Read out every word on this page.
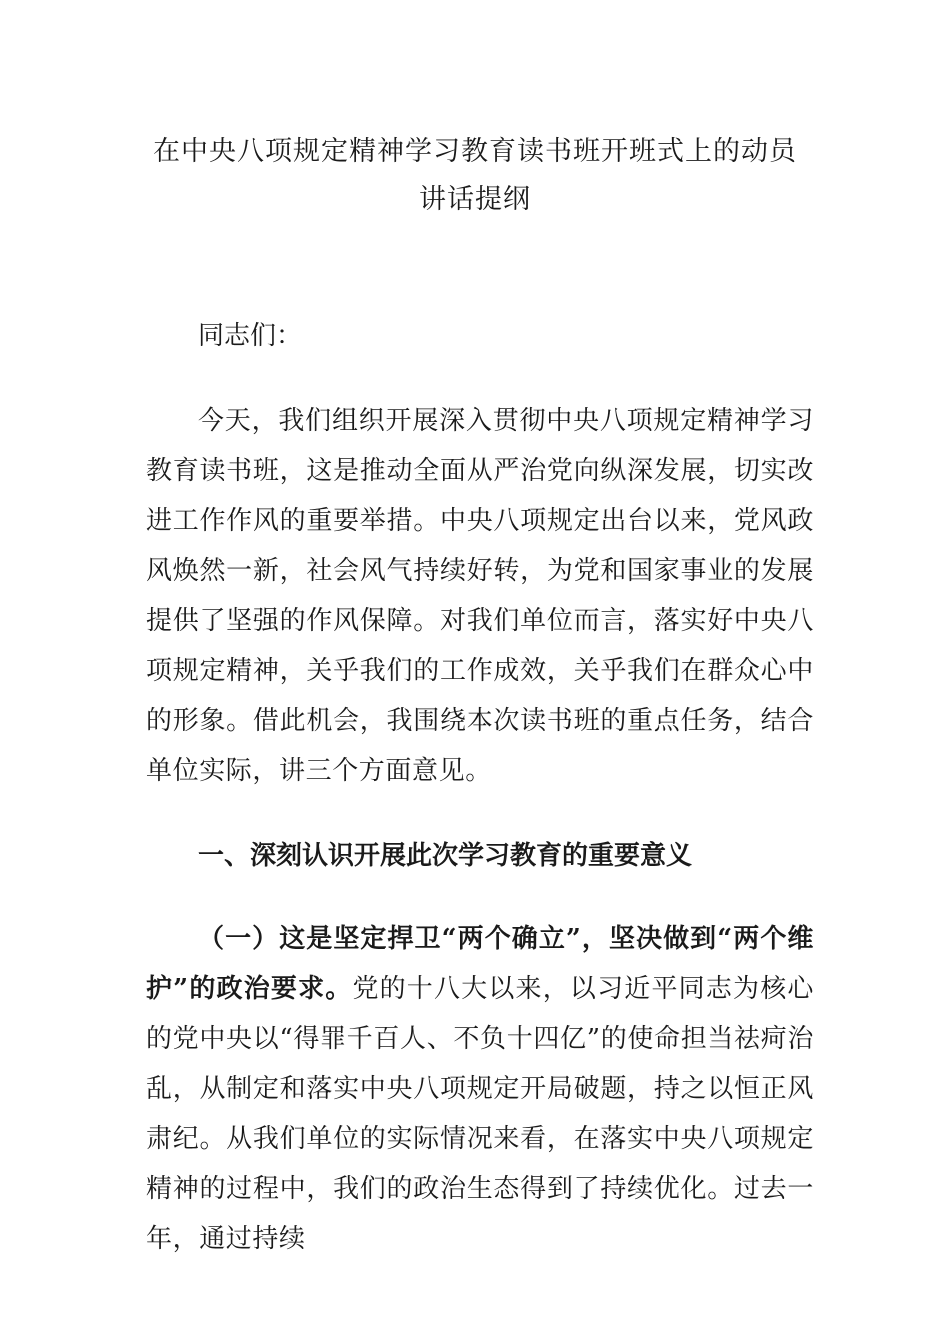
在中央八项规定精神学习教育读书班开班式上的动员讲话提纲
同志们：
今天，我们组织开展深入贯彻中央八项规定精神学习教育读书班，这是推动全面从严治党向纵深发展，切实改进工作作风的重要举措。中央八项规定出台以来，党风政风焕然一新，社会风气持续好转，为党和国家事业的发展提供了坚强的作风保障。对我们单位而言，落实好中央八项规定精神，关乎我们的工作成效，关乎我们在群众心中的形象。借此机会，我围绕本次读书班的重点任务，结合单位实际，讲三个方面意见。
一、深刻认识开展此次学习教育的重要意义
（一）这是坚定捍卫“两个确立”，坚决做到“两个维护”的政治要求。党的十八大以来，以习近平同志为核心的党中央以“得罪千百人、不负十四亿”的使命担当祛疴治乱，从制定和落实中央八项规定开局破题，持之以恒正风肃纪。从我们单位的实际情况来看，在落实中央八项规定精神的过程中，我们的政治生态得到了持续优化。过去一年，通过持续
